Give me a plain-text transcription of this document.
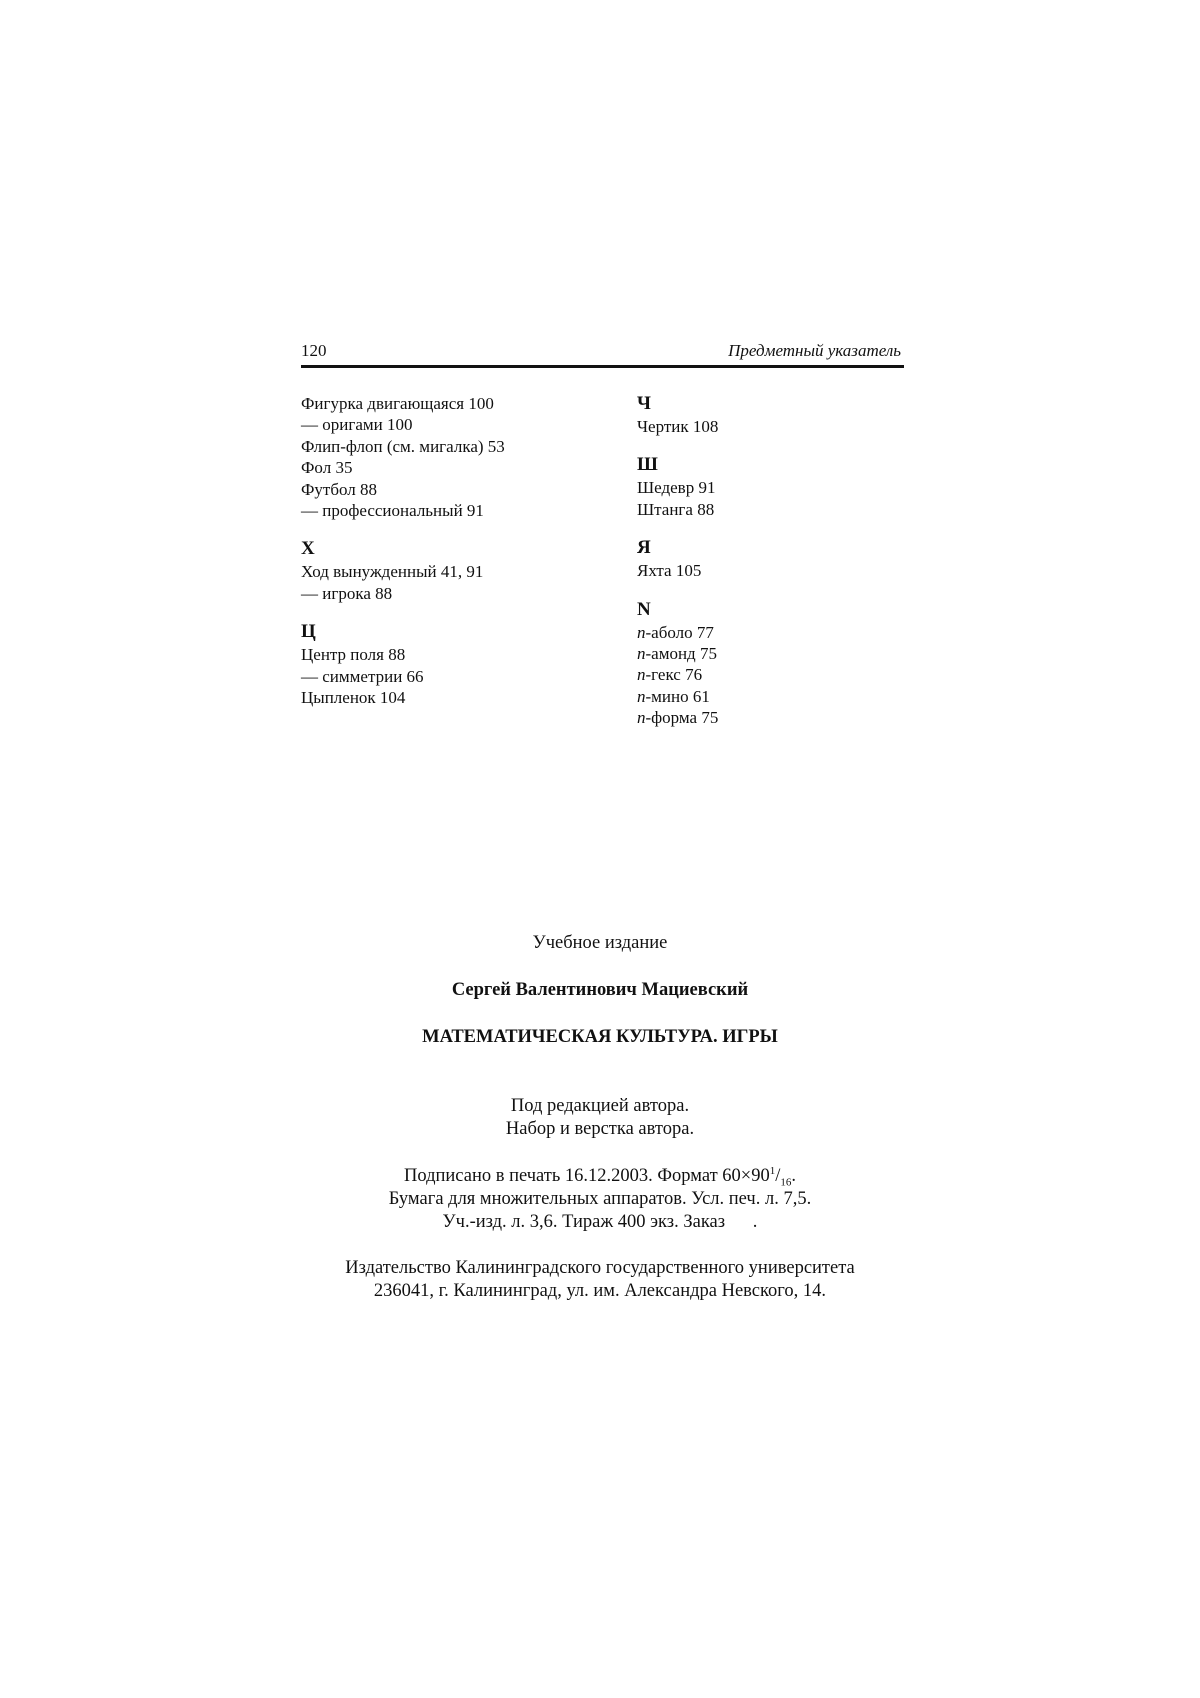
120	Предметный указатель
Фигурка двигающаяся 100
— оригами 100
Флип-флоп (см. мигалка) 53
Фол 35
Футбол 88
— профессиональный 91
Х
Ход вынужденный 41, 91
— игрока 88
Ц
Центр поля 88
— симметрии 66
Цыпленок 104
Ч
Чертик 108
Ш
Шедевр 91
Штанга 88
Я
Яхта 105
N
n-аболо 77
n-амонд 75
n-гекс 76
n-мино 61
n-форма 75
Учебное издание
Сергей Валентинович Мациевский
МАТЕМАТИЧЕСКАЯ КУЛЬТУРА. ИГРЫ
Под редакцией автора.
Набор и верстка автора.
Подписано в печать 16.12.2003. Формат $60\times 90^1/_{16}$.
Бумага для множительных аппаратов. Усл. печ. л. 7,5.
Уч.-изд. л. 3,6. Тираж 400 экз. Заказ      .
Издательство Калининградского государственного университета
236041, г. Калининград, ул. им. Александра Невского, 14.
